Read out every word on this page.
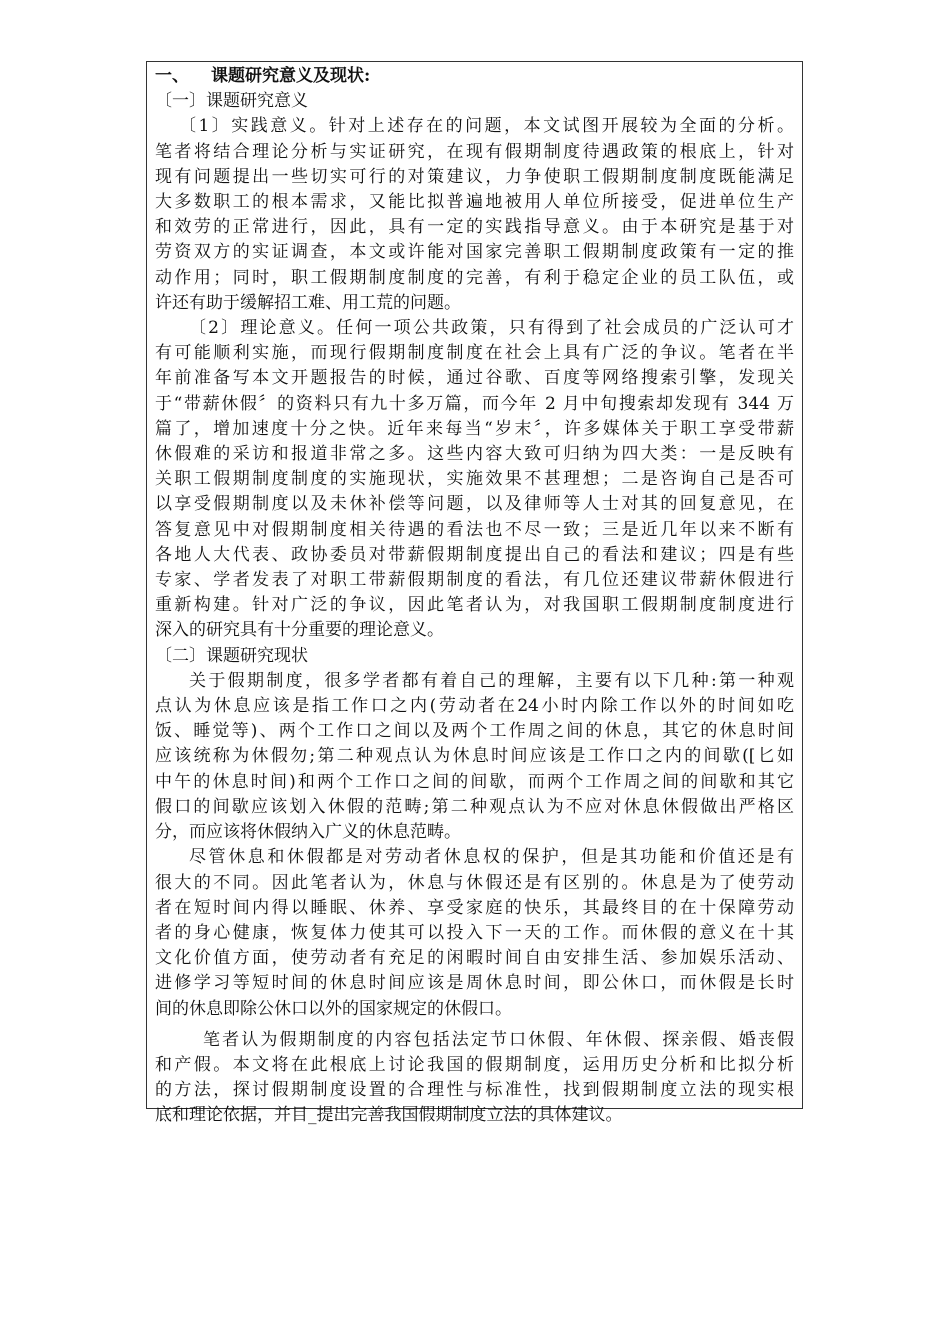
一、 课题研究意义及现状:
〔一〕课题研究意义
〔1〕实践意义。针对上述存在的问题，本文试图开展较为全面的分析。
笔者将结合理论分析与实证研究，在现有假期制度待遇政策的根底上，针对
现有问题提出一些切实可行的对策建议，力争使职工假期制度制度既能满足
大多数职工的根本需求，又能比拟普遍地被用人单位所接受，促进单位生产
和效劳的正常进行，因此，具有一定的实践指导意义。由于本研究是基于对
劳资双方的实证调查，本文或许能对国家完善职工假期制度政策有一定的推
动作用；同时，职工假期制度制度的完善，有利于稳定企业的员工队伍，或
许还有助于缓解招工难、用工荒的问题。
〔2〕理论意义。任何一项公共政策，只有得到了社会成员的广泛认可才
有可能顺利实施，而现行假期制度制度在社会上具有广泛的争议。笔者在半
年前准备写本文开题报告的时候，通过谷歌、百度等网络搜索引擎，发现关
于“带薪休假〞的资料只有九十多万篇，而今年 2 月中旬搜索却发现有 344 万
篇了，增加速度十分之快。近年来每当“岁末〞，许多媒体关于职工享受带薪
休假难的采访和报道非常之多。这些内容大致可归纳为四大类：一是反映有
关职工假期制度制度的实施现状，实施效果不甚理想；二是咨询自己是否可
以享受假期制度以及未休补偿等问题，以及律师等人士对其的回复意见，在
答复意见中对假期制度相关待遇的看法也不尽一致；三是近几年以来不断有
各地人大代表、政协委员对带薪假期制度提出自己的看法和建议；四是有些
专家、学者发表了对职工带薪假期制度的看法，有几位还建议带薪休假进行
重新构建。针对广泛的争议，因此笔者认为，对我国职工假期制度制度进行
深入的研究具有十分重要的理论意义。
〔二〕课题研究现状
关于假期制度，很多学者都有着自己的理解，主要有以下几种:第一种观
点认为休息应该是指工作口之内(劳动者在24小时内除工作以外的时间如吃
饭、睡觉等)、两个工作口之间以及两个工作周之间的休息，其它的休息时间
应该统称为休假勿;第二种观点认为休息时间应该是工作口之内的间歇([匕如
中午的休息时间)和两个工作口之间的间歇，而两个工作周之间的间歇和其它
假口的间歇应该划入休假的范畴;第二种观点认为不应对休息休假做出严格区
分，而应该将休假纳入广义的休息范畴。
尽管休息和休假都是对劳动者休息权的保护，但是其功能和价值还是有
很大的不同。因此笔者认为，休息与休假还是有区别的。休息是为了使劳动
者在短时间内得以睡眠、休养、享受家庭的快乐，其最终目的在十保障劳动
者的身心健康，恢复体力使其可以投入下一天的工作。而休假的意义在十其
文化价值方面，使劳动者有充足的闲暇时间自由安排生活、参加娱乐活动、
进修学习等短时间的休息时间应该是周休息时间，即公休口，而休假是长时
间的休息即除公休口以外的国家规定的休假口。
笔者认为假期制度的内容包括法定节口休假、年休假、探亲假、婚丧假
和产假。本文将在此根底上讨论我国的假期制度，运用历史分析和比拟分析
的方法，探讨假期制度设置的合理性与标准性，找到假期制度立法的现实根
底和理论依据，并目_提出完善我国假期制度立法的具体建议。
